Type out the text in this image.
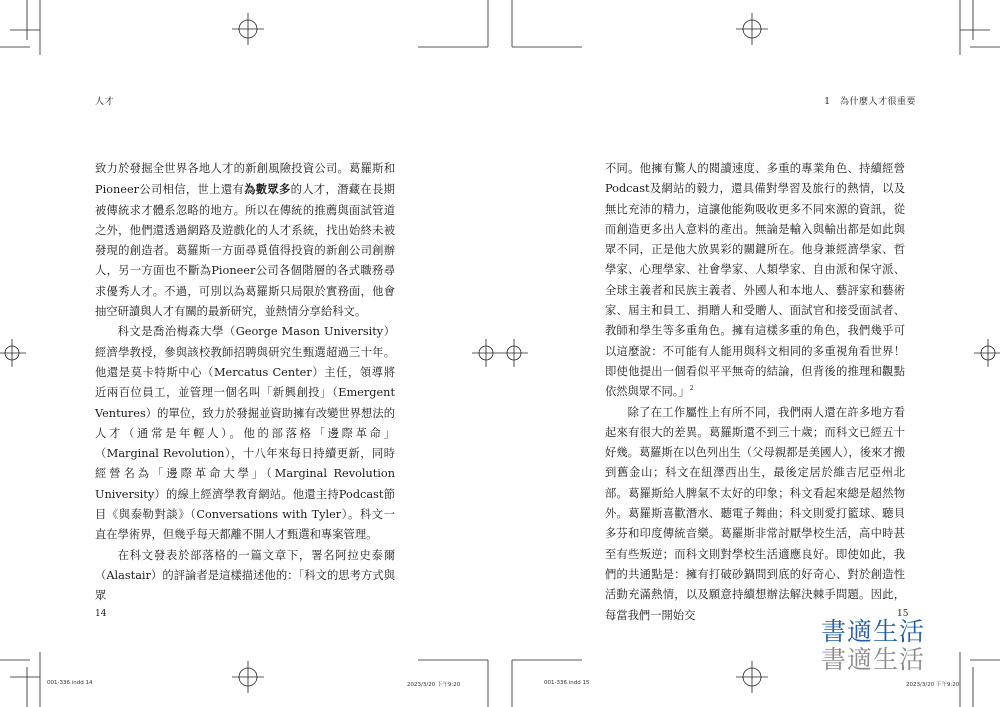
人才

致力於發掘全世界各地人才的新創風險投資公司。葛羅斯和Pioneer公司相信，世上還有為數眾多的人才，潛藏在長期被傳統求才體系忽略的地方。所以在傳統的推薦與面試管道之外，他們還透過網路及遊戲化的人才系統，找出始終未被發現的創造者。葛羅斯一方面尋覓值得投資的新創公司創辦人，另一方面也不斷為Pioneer公司各個階層的各式職務尋求優秀人才。不過，可別以為葛羅斯只局限於實務面，他會抽空研讀與人才有關的最新研究，並熱情分享給科文。

科文是喬治梅森大學（George Mason University）經濟學教授，參與該校教師招聘與研究生甄選超過三十年。他還是莫卡特斯中心（Mercatus Center）主任，領導將近兩百位員工，並管理一個名叫「新興創投」（Emergent Ventures）的單位，致力於發掘並資助擁有改變世界想法的人才（通常是年輕人）。他的部落格「邊際革命」（Marginal Revolution），十八年來每日持續更新，同時經營名為「邊際革命大學」（Marginal Revolution University）的線上經濟學教育網站。他還主持Podcast節目《與泰勒對談》（Conversations with Tyler）。科文一直在學術界，但幾乎每天都離不開人才甄選和專案管理。

在科文發表於部落格的一篇文章下，署名阿拉史泰爾（Alastair）的評論者是這樣描述他的：「科文的思考方式與眾

14
001-336.indd 14	2023/3/20 下午9:20
1　為什麼人才很重要

不同。他擁有驚人的閱讀速度、多重的專業角色、持續經營Podcast及網站的毅力，還具備對學習及旅行的熱情，以及無比充沛的精力，這讓他能夠吸收更多不同來源的資訊，從而創造更多出人意料的產出。無論是輸入與輸出都是如此與眾不同，正是他大放異彩的關鍵所在。他身兼經濟學家、哲學家、心理學家、社會學家、人類學家、自由派和保守派、全球主義者和民族主義者、外國人和本地人、藝評家和藝術家、屆主和員工、捐贈人和受贈人、面試官和接受面試者、教師和學生等多重角色。擁有這樣多重的角色，我們幾乎可以這麼說：不可能有人能用與科文相同的多重視角看世界！即使他提出一個看似平平無奇的結論，但背後的推理和觀點依然與眾不同。」$^2$

除了在工作屬性上有所不同，我們兩人還在許多地方看起來有很大的差異。葛羅斯還不到三十歲；而科文已經五十好幾。葛羅斯在以色列出生（父母親都是美國人），後來才搬到舊金山；科文在紐澤西出生，最後定居於維吉尼亞州北部。葛羅斯給人脾氣不太好的印象；科文看起來總是超然物外。葛羅斯喜歡潛水、聽電子舞曲；科文則愛打籃球、聽貝多芬和印度傳統音樂。葛羅斯非常討厭學校生活，高中時甚至有些叛逆；而科文則對學校生活適應良好。即使如此，我們的共通點是：擁有打破砂鍋問到底的好奇心、對於創造性活動充滿熱情，以及願意持續想辦法解決棘手問題。因此，每當我們一開始交	15
001-336.indd 15	2023/3/20 下午9:20
書適生活
書適生活
